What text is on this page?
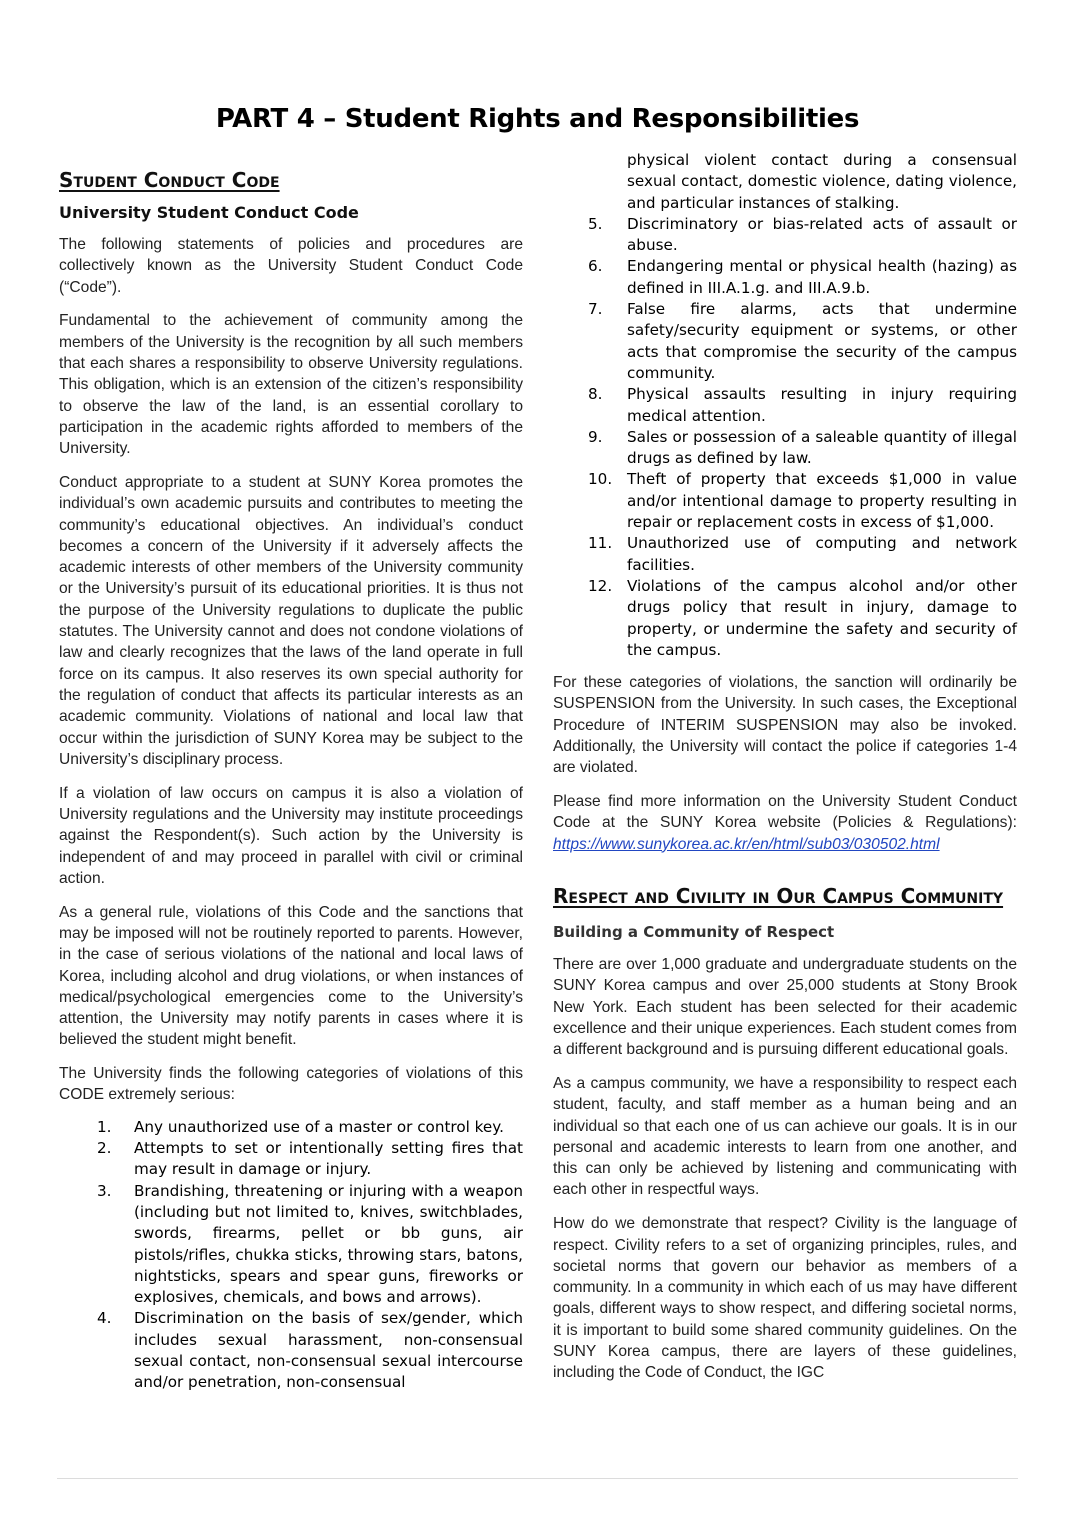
PART 4 – Student Rights and Responsibilities
Student Conduct Code
University Student Conduct Code

The following statements of policies and procedures are collectively known as the University Student Conduct Code (“Code”).

Fundamental to the achievement of community among the members of the University is the recognition by all such members that each shares a responsibility to observe University regulations. This obligation, which is an extension of the citizen’s responsibility to observe the law of the land, is an essential corollary to participation in the academic rights afforded to members of the University.

Conduct appropriate to a student at SUNY Korea promotes the individual’s own academic pursuits and contributes to meeting the community’s educational objectives. An individual’s conduct becomes a concern of the University if it adversely affects the academic interests of other members of the University community or the University’s pursuit of its educational priorities. It is thus not the purpose of the University regulations to duplicate the public statutes. The University cannot and does not condone violations of law and clearly recognizes that the laws of the land operate in full force on its campus. It also reserves its own special authority for the regulation of conduct that affects its particular interests as an academic community. Violations of national and local law that occur within the jurisdiction of SUNY Korea may be subject to the University’s disciplinary process.

If a violation of law occurs on campus it is also a violation of University regulations and the University may institute proceedings against the Respondent(s). Such action by the University is independent of and may proceed in parallel with civil or criminal action.

As a general rule, violations of this Code and the sanctions that may be imposed will not be routinely reported to parents. However, in the case of serious violations of the national and local laws of Korea, including alcohol and drug violations, or when instances of medical/psychological emergencies come to the University’s attention, the University may notify parents in cases where it is believed the student might benefit.

The University finds the following categories of violations of this CODE extremely serious:

1. Any unauthorized use of a master or control key.
2. Attempts to set or intentionally setting fires that may result in damage or injury.
3. Brandishing, threatening or injuring with a weapon (including but not limited to, knives, switchblades, swords, firearms, pellet or bb guns, air pistols/rifles, chukka sticks, throwing stars, batons, nightsticks, spears and spear guns, fireworks or explosives, chemicals, and bows and arrows).
4. Discrimination on the basis of sex/gender, which includes sexual harassment, non-consensual sexual contact, non-consensual sexual intercourse and/or penetration, non-consensual
physical violent contact during a consensual sexual contact, domestic violence, dating violence, and particular instances of stalking.
5. Discriminatory or bias-related acts of assault or abuse.
6. Endangering mental or physical health (hazing) as defined in III.A.1.g. and III.A.9.b.
7. False fire alarms, acts that undermine safety/security equipment or systems, or other acts that compromise the security of the campus community.
8. Physical assaults resulting in injury requiring medical attention.
9. Sales or possession of a saleable quantity of illegal drugs as defined by law.
10. Theft of property that exceeds $1,000 in value and/or intentional damage to property resulting in repair or replacement costs in excess of $1,000.
11. Unauthorized use of computing and network facilities.
12. Violations of the campus alcohol and/or other drugs policy that result in injury, damage to property, or undermine the safety and security of the campus.

For these categories of violations, the sanction will ordinarily be SUSPENSION from the University. In such cases, the Exceptional Procedure of INTERIM SUSPENSION may also be invoked. Additionally, the University will contact the police if categories 1-4 are violated.

Please find more information on the University Student Conduct Code at the SUNY Korea website (Policies & Regulations): https://www.sunykorea.ac.kr/en/html/sub03/030502.html

Respect and Civility in Our Campus Community
Building a Community of Respect

There are over 1,000 graduate and undergraduate students on the SUNY Korea campus and over 25,000 students at Stony Brook New York. Each student has been selected for their academic excellence and their unique experiences. Each student comes from a different background and is pursuing different educational goals.

As a campus community, we have a responsibility to respect each student, faculty, and staff member as a human being and an individual so that each one of us can achieve our goals. It is in our personal and academic interests to learn from one another, and this can only be achieved by listening and communicating with each other in respectful ways.

How do we demonstrate that respect? Civility is the language of respect. Civility refers to a set of organizing principles, rules, and societal norms that govern our behavior as members of a community. In a community in which each of us may have different goals, different ways to show respect, and differing societal norms, it is important to build some shared community guidelines. On the SUNY Korea campus, there are layers of these guidelines, including the Code of Conduct, the IGC
